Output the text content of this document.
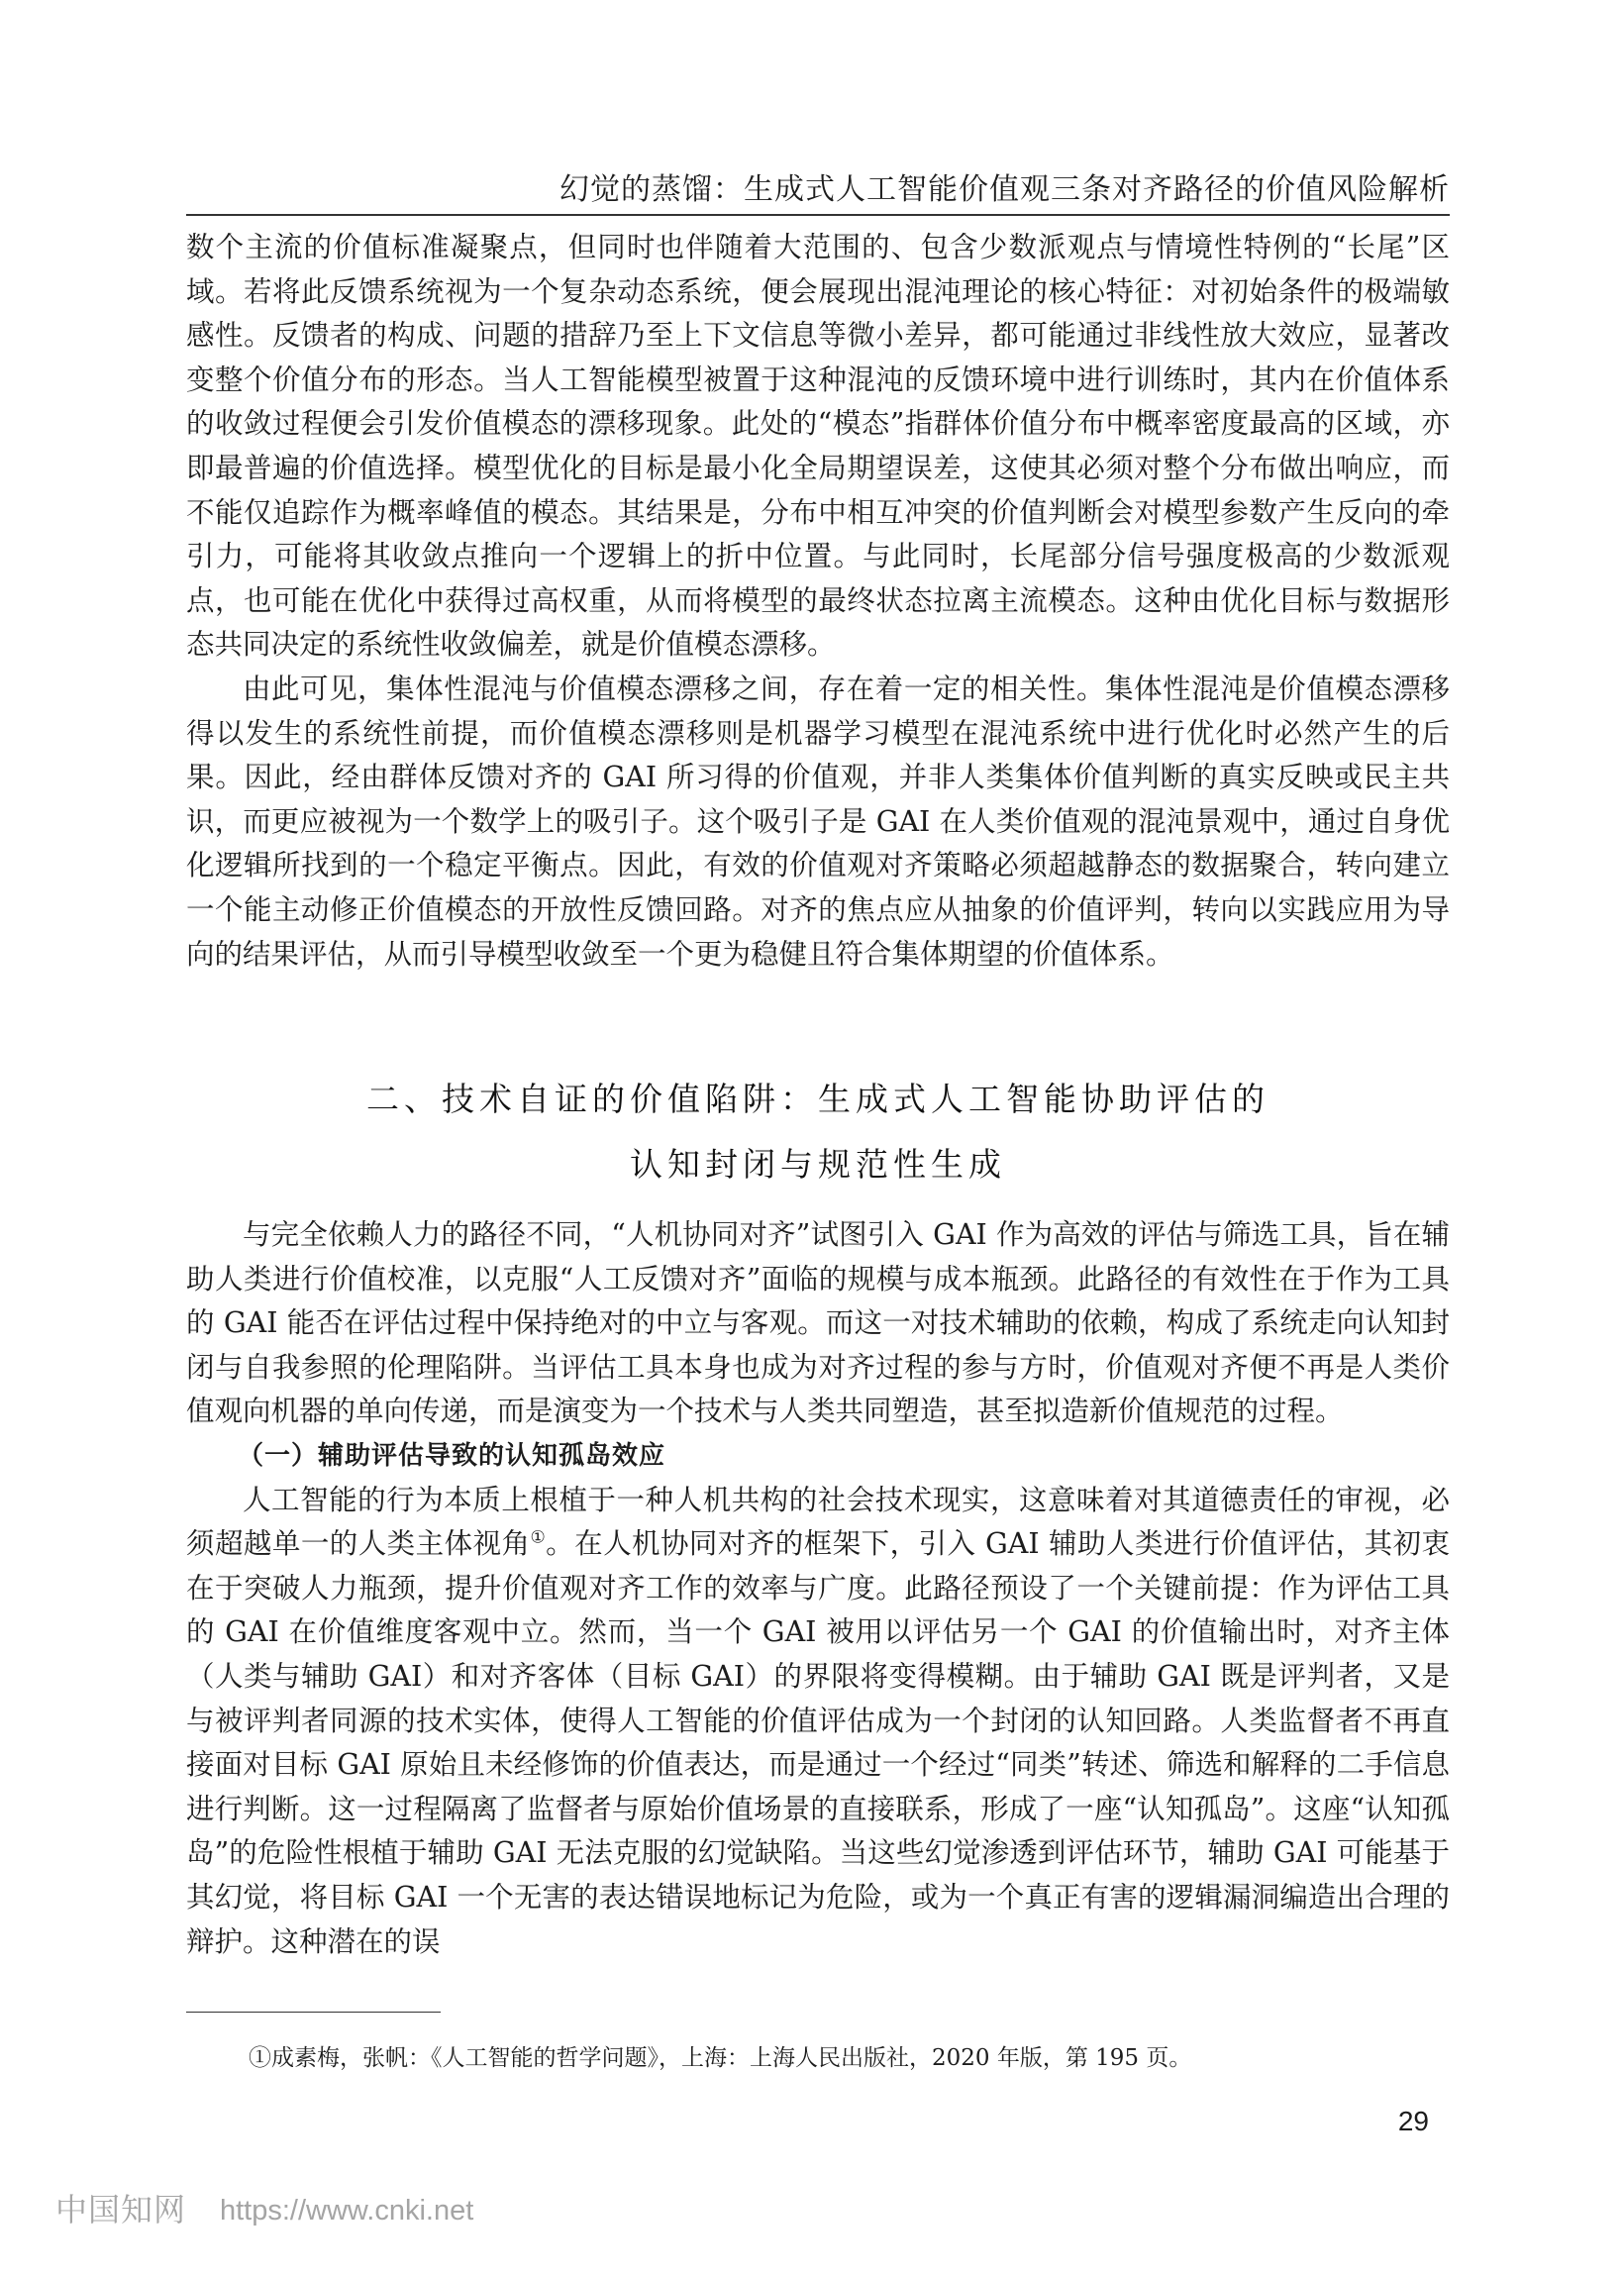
幻觉的蒸馏：生成式人工智能价值观三条对齐路径的价值风险解析

数个主流的价值标准凝聚点，但同时也伴随着大范围的、包含少数派观点与情境性特例的“长尾”区域。若将此反馈系统视为一个复杂动态系统，便会展现出混沌理论的核心特征：对初始条件的极端敏感性。反馈者的构成、问题的措辞乃至上下文信息等微小差异，都可能通过非线性放大效应，显著改变整个价值分布的形态。当人工智能模型被置于这种混沌的反馈环境中进行训练时，其内在价值体系的收敛过程便会引发价值模态的漂移现象。此处的“模态”指群体价值分布中概率密度最高的区域，亦即最普遍的价值选择。模型优化的目标是最小化全局期望误差，这使其必须对整个分布做出响应，而不能仅追踪作为概率峰值的模态。其结果是，分布中相互冲突的价值判断会对模型参数产生反向的牵引力，可能将其收敛点推向一个逻辑上的折中位置。与此同时，长尾部分信号强度极高的少数派观点，也可能在优化中获得过高权重，从而将模型的最终状态拉离主流模态。这种由优化目标与数据形态共同决定的系统性收敛偏差，就是价值模态漂移。

由此可见，集体性混沌与价值模态漂移之间，存在着一定的相关性。集体性混沌是价值模态漂移得以发生的系统性前提，而价值模态漂移则是机器学习模型在混沌系统中进行优化时必然产生的后果。因此，经由群体反馈对齐的 GAI 所习得的价值观，并非人类集体价值判断的真实反映或民主共识，而更应被视为一个数学上的吸引子。这个吸引子是 GAI 在人类价值观的混沌景观中，通过自身优化逻辑所找到的一个稳定平衡点。因此，有效的价值观对齐策略必须超越静态的数据聚合，转向建立一个能主动修正价值模态的开放性反馈回路。对齐的焦点应从抽象的价值评判，转向以实践应用为导向的结果评估，从而引导模型收敛至一个更为稳健且符合集体期望的价值体系。

二、技术自证的价值陷阱：生成式人工智能协助评估的
认知封闭与规范性生成

与完全依赖人力的路径不同，“人机协同对齐”试图引入 GAI 作为高效的评估与筛选工具，旨在辅助人类进行价值校准，以克服“人工反馈对齐”面临的规模与成本瓶颈。此路径的有效性在于作为工具的 GAI 能否在评估过程中保持绝对的中立与客观。而这一对技术辅助的依赖，构成了系统走向认知封闭与自我参照的伦理陷阱。当评估工具本身也成为对齐过程的参与方时，价值观对齐便不再是人类价值观向机器的单向传递，而是演变为一个技术与人类共同塑造，甚至拟造新价值规范的过程。

（一）辅助评估导致的认知孤岛效应

人工智能的行为本质上根植于一种人机共构的社会技术现实，这意味着对其道德责任的审视，必须超越单一的人类主体视角①。在人机协同对齐的框架下，引入 GAI 辅助人类进行价值评估，其初衷在于突破人力瓶颈，提升价值观对齐工作的效率与广度。此路径预设了一个关键前提：作为评估工具的 GAI 在价值维度客观中立。然而，当一个 GAI 被用以评估另一个 GAI 的价值输出时，对齐主体（人类与辅助 GAI）和对齐客体（目标 GAI）的界限将变得模糊。由于辅助 GAI 既是评判者，又是与被评判者同源的技术实体，使得人工智能的价值评估成为一个封闭的认知回路。人类监督者不再直接面对目标 GAI 原始且未经修饰的价值表达，而是通过一个经过“同类”转述、筛选和解释的二手信息进行判断。这一过程隔离了监督者与原始价值场景的直接联系，形成了一座“认知孤岛”。这座“认知孤岛”的危险性根植于辅助 GAI 无法克服的幻觉缺陷。当这些幻觉渗透到评估环节，辅助 GAI 可能基于其幻觉，将目标 GAI 一个无害的表达错误地标记为危险，或为一个真正有害的逻辑漏洞编造出合理的辩护。这种潜在的误

①成素梅，张帆：《人工智能的哲学问题》，上海：上海人民出版社，2020 年版，第 195 页。
29
中国知网 https://www.cnki.net
